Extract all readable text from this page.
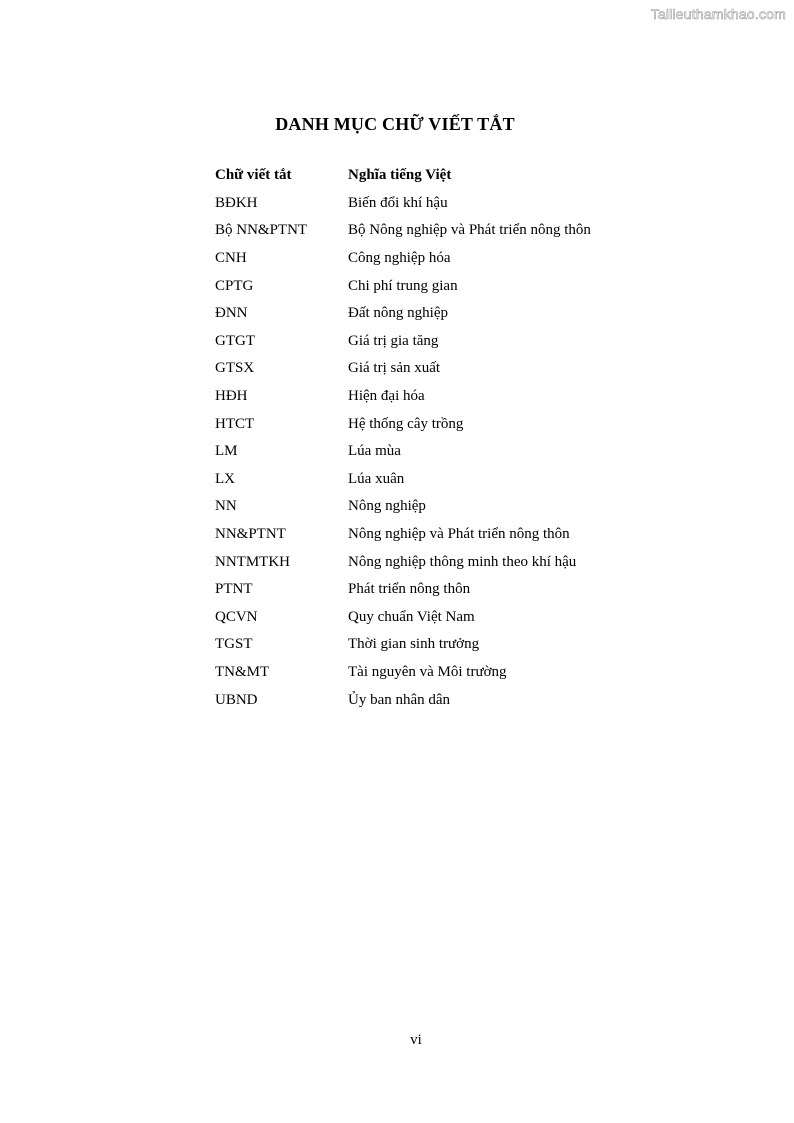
Tailieuthamkhao.com
DANH MỤC CHỮ VIẾT TẮT
Chữ viết tắt	Nghĩa tiếng Việt
BĐKH	Biến đổi khí hậu
Bộ NN&PTNT	Bộ Nông nghiệp và Phát triển nông thôn
CNH	Công nghiệp hóa
CPTG	Chi phí trung gian
ĐNN	Đất nông nghiệp
GTGT	Giá trị gia tăng
GTSX	Giá trị sản xuất
HĐH	Hiện đại hóa
HTCT	Hệ thống cây trồng
LM	Lúa mùa
LX	Lúa xuân
NN	Nông nghiệp
NN&PTNT	Nông nghiệp và Phát triển nông thôn
NNTMTKH	Nông nghiệp thông minh theo khí hậu
PTNT	Phát triển nông thôn
QCVN	Quy chuẩn Việt Nam
TGST	Thời gian sinh trưởng
TN&MT	Tài nguyên và Môi trường
UBND	Ủy ban nhân dân
vi
